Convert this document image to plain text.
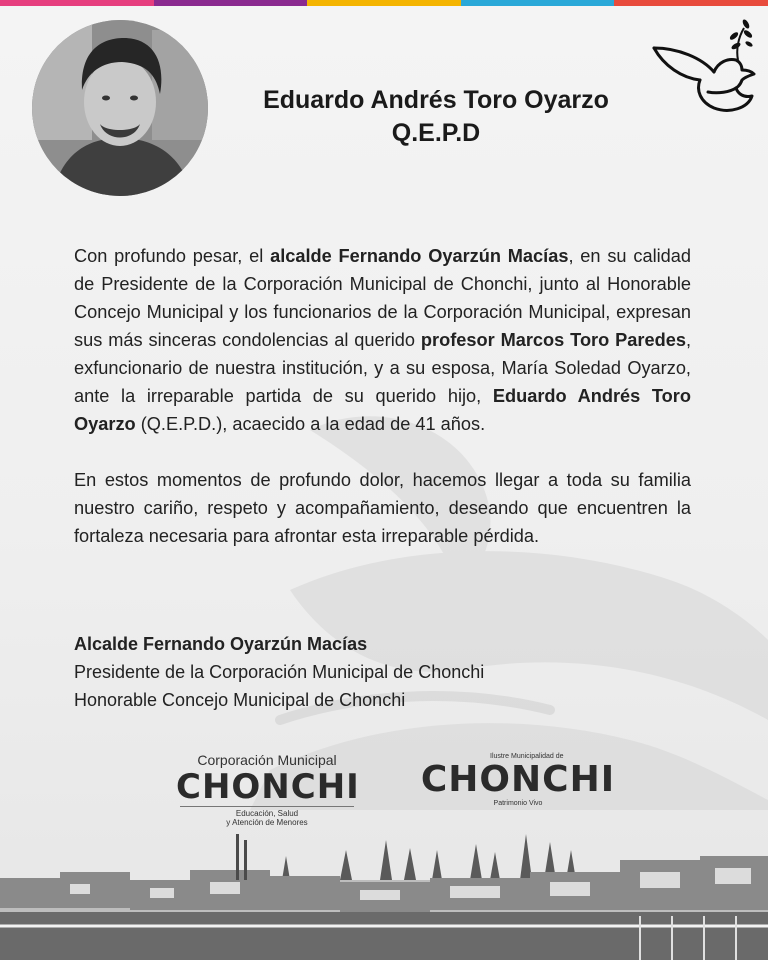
Eduardo Andrés Toro Oyarzo
Q.E.P.D

Con profundo pesar, el alcalde Fernando Oyarzún Macías, en su calidad de Presidente de la Corporación Municipal de Chonchi, junto al Honorable Concejo Municipal y los funcionarios de la Corporación Municipal, expresan sus más sinceras condolencias al querido profesor Marcos Toro Paredes, exfuncionario de nuestra institución, y a su esposa, María Soledad Oyarzo, ante la irreparable partida de su querido hijo, Eduardo Andrés Toro Oyarzo (Q.E.P.D.), acaecido a la edad de 41 años.

En estos momentos de profundo dolor, hacemos llegar a toda su familia nuestro cariño, respeto y acompañamiento, deseando que encuentren la fortaleza necesaria para afrontar esta irreparable pérdida.

Alcalde Fernando Oyarzún Macías
Presidente de la Corporación Municipal de Chonchi
Honorable Concejo Municipal de Chonchi
Corporación Municipal
CHONCHI
Educación, Salud
y Atención de Menores
Ilustre Municipalidad de
CHONCHI
Patrimonio Vivo
